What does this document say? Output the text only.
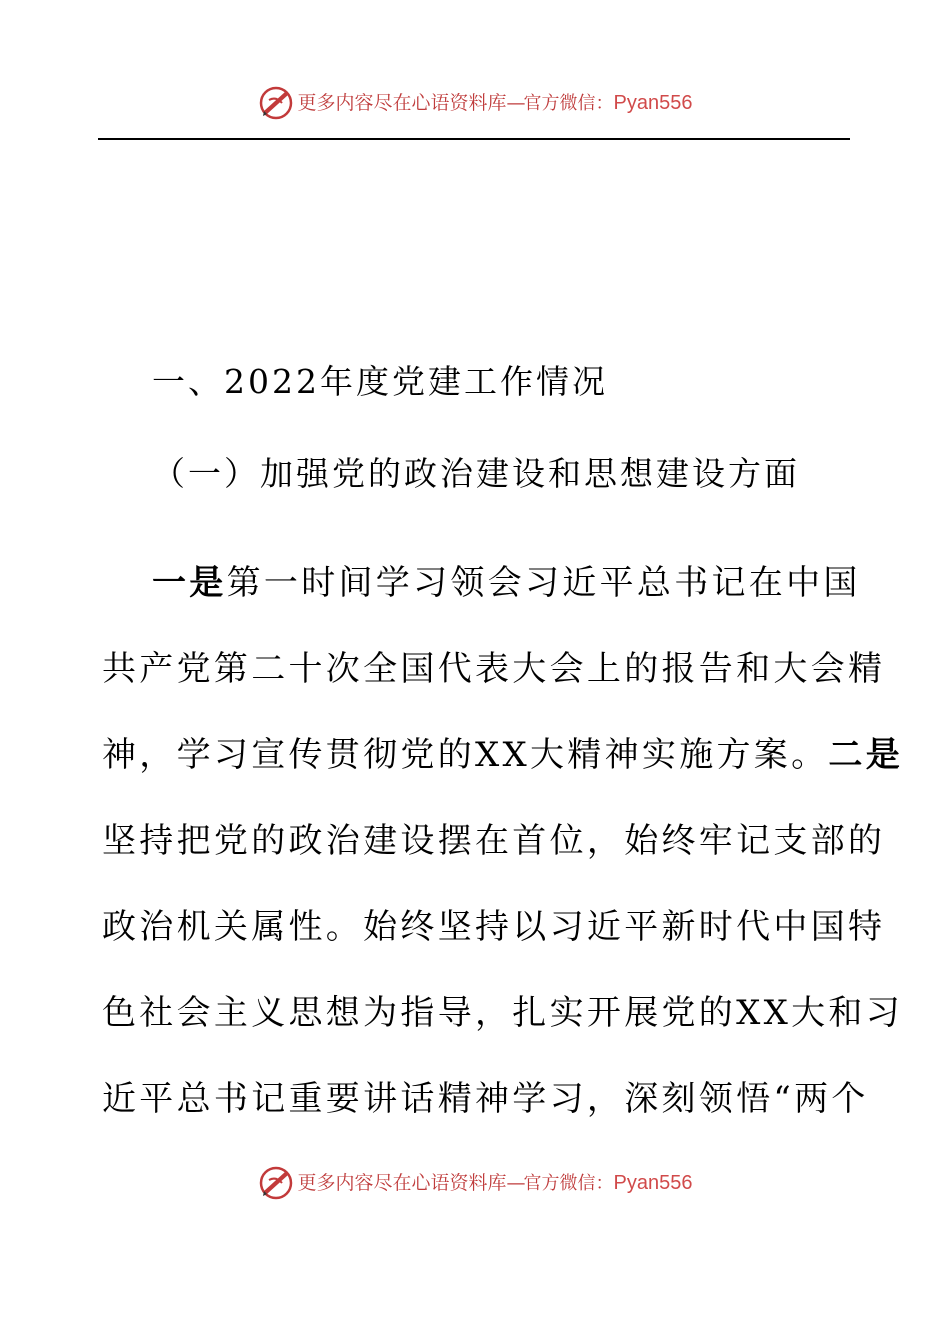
更多内容尽在心语资料库—官方微信：Pyan556
一、2022年度党建工作情况
（一）加强党的政治建设和思想建设方面
一是第一时间学习领会习近平总书记在中国
共产党第二十次全国代表大会上的报告和大会精
神，学习宣传贯彻党的XX大精神实施方案。二是
坚持把党的政治建设摆在首位，始终牢记支部的
政治机关属性。始终坚持以习近平新时代中国特
色社会主义思想为指导，扎实开展党的XX大和习
近平总书记重要讲话精神学习，深刻领悟“两个
更多内容尽在心语资料库—官方微信：Pyan556
